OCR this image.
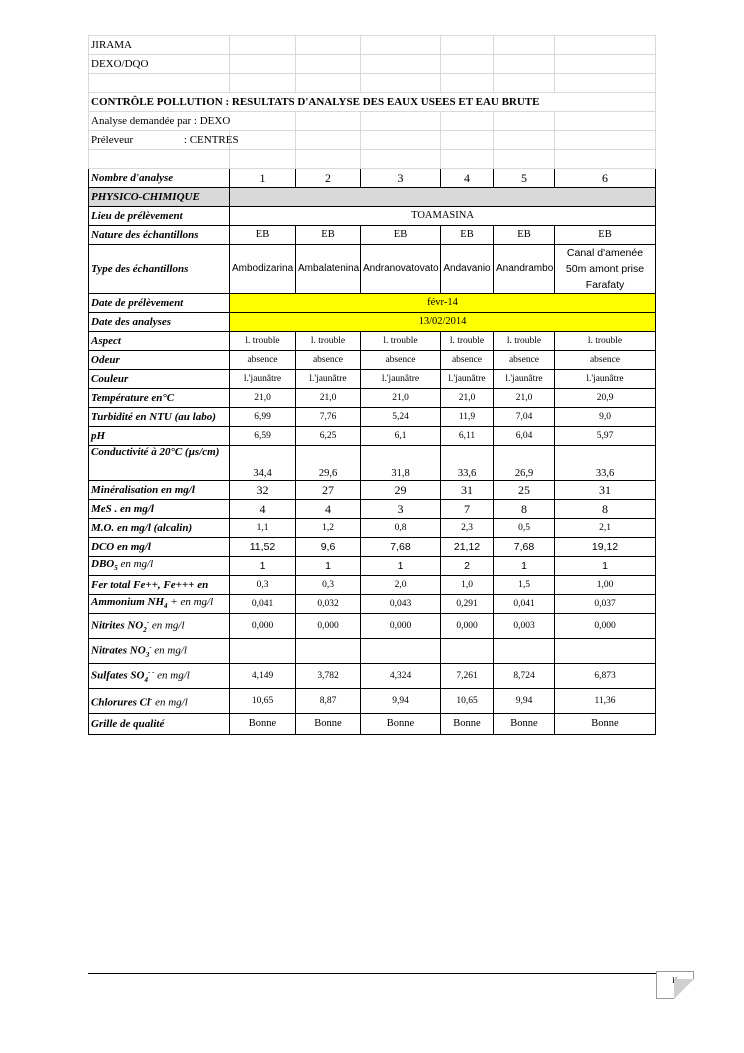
JIRAMA						
DEXO/DQO						

CONTRÔLE POLLUTION : RESULTATS D'ANALYSE DES EAUX USEES ET EAU BRUTE						
Analyse demandée par : DEXO						
Préleveur : CENTRES						

Nombre d'analyse	1	2	3	4	5	6
PHYSICO-CHIMIQUE						
Lieu de prélèvement	TOAMASINA					
Nature des échantillons	EB	EB	EB	EB	EB	EB
Type des échantillons	Ambodizarina	Ambalatenina	Andranovatovato	Andavanio	Anandrambo	Canal d'amenée 50m amont prise Farafaty
Date de prélèvement	févr-14					
Date des analyses	13/02/2014					
Aspect	l. trouble	l. trouble	l. trouble	l. trouble	l. trouble	l. trouble
Odeur	absence	absence	absence	absence	absence	absence
Couleur	l.'jaunâtre	l.'jaunâtre	l.'jaunâtre	l.'jaunâtre	l.'jaunâtre	l.'jaunâtre
Température en°C	21,0	21,0	21,0	21,0	21,0	20,9
Turbidité en NTU (au labo)	6,99	7,76	5,24	11,9	7,04	9,0
pH	6,59	6,25	6,1	6,11	6,04	5,97
Conductivité à 20°C (µs/cm)	34,4	29,6	31,8	33,6	26,9	33,6
Minéralisation en mg/l	32	27	29	31	25	31
MeS . en mg/l	4	4	3	7	8	8
M.O. en mg/l (alcalin)	1,1	1,2	0,8	2,3	0,5	2,1
DCO en mg/l	11,52	9,6	7,68	21,12	7,68	19,12
$DBO_5$ en mg/l	1	1	1	2	1	1
Fer total Fe++, Fe+++ en	0,3	0,3	2,0	1,0	1,5	1,00
Ammonium $NH_4$ + en mg/l	0,041	0,032	0,043	0,291	0,041	0,037
Nitrites $NO_2^-$ en mg/l	0,000	0,000	0,000	0,000	0,003	0,000
Nitrates $NO_3^-$ en mg/l						
Sulfates $SO_4^{- -}$ en mg/l	4,149	3,782	4,324	7,261	8,724	6,873
Chlorures Cl- en mg/l	10,65	8,87	9,94	10,65	9,94	11,36
Grille de qualité	Bonne	Bonne	Bonne	Bonne	Bonne	Bonne
K
